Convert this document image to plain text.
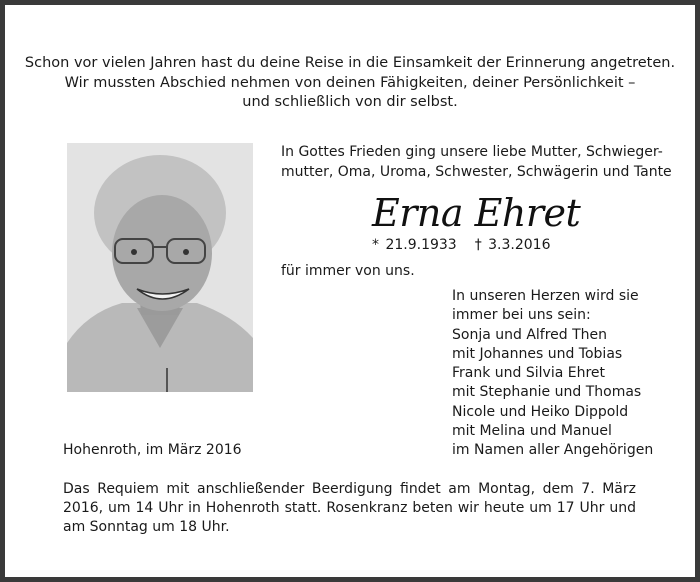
Schon vor vielen Jahren hast du deine Reise in die Einsamkeit der Erinnerung angetreten.
Wir mussten Abschied nehmen von deinen Fähigkeiten, deiner Persönlichkeit –
und schließlich von dir selbst.
In Gottes Frieden ging unsere liebe Mutter, Schwieger-
mutter, Oma, Uroma, Schwester, Schwägerin und Tante
Erna Ehret
* 21.9.1933 † 3.3.2016
für immer von uns.
In unseren Herzen wird sie
immer bei uns sein:
Sonja und Alfred Then
mit Johannes und Tobias
Frank und Silvia Ehret
mit Stephanie und Thomas
Nicole und Heiko Dippold
mit Melina und Manuel
im Namen aller Angehörigen
Hohenroth, im März 2016
Das Requiem mit anschließender Beerdigung findet am Montag, dem 7. März 2016, um 14 Uhr in Hohenroth statt. Rosenkranz beten wir heute um 17 Uhr und am Sonntag um 18 Uhr.
